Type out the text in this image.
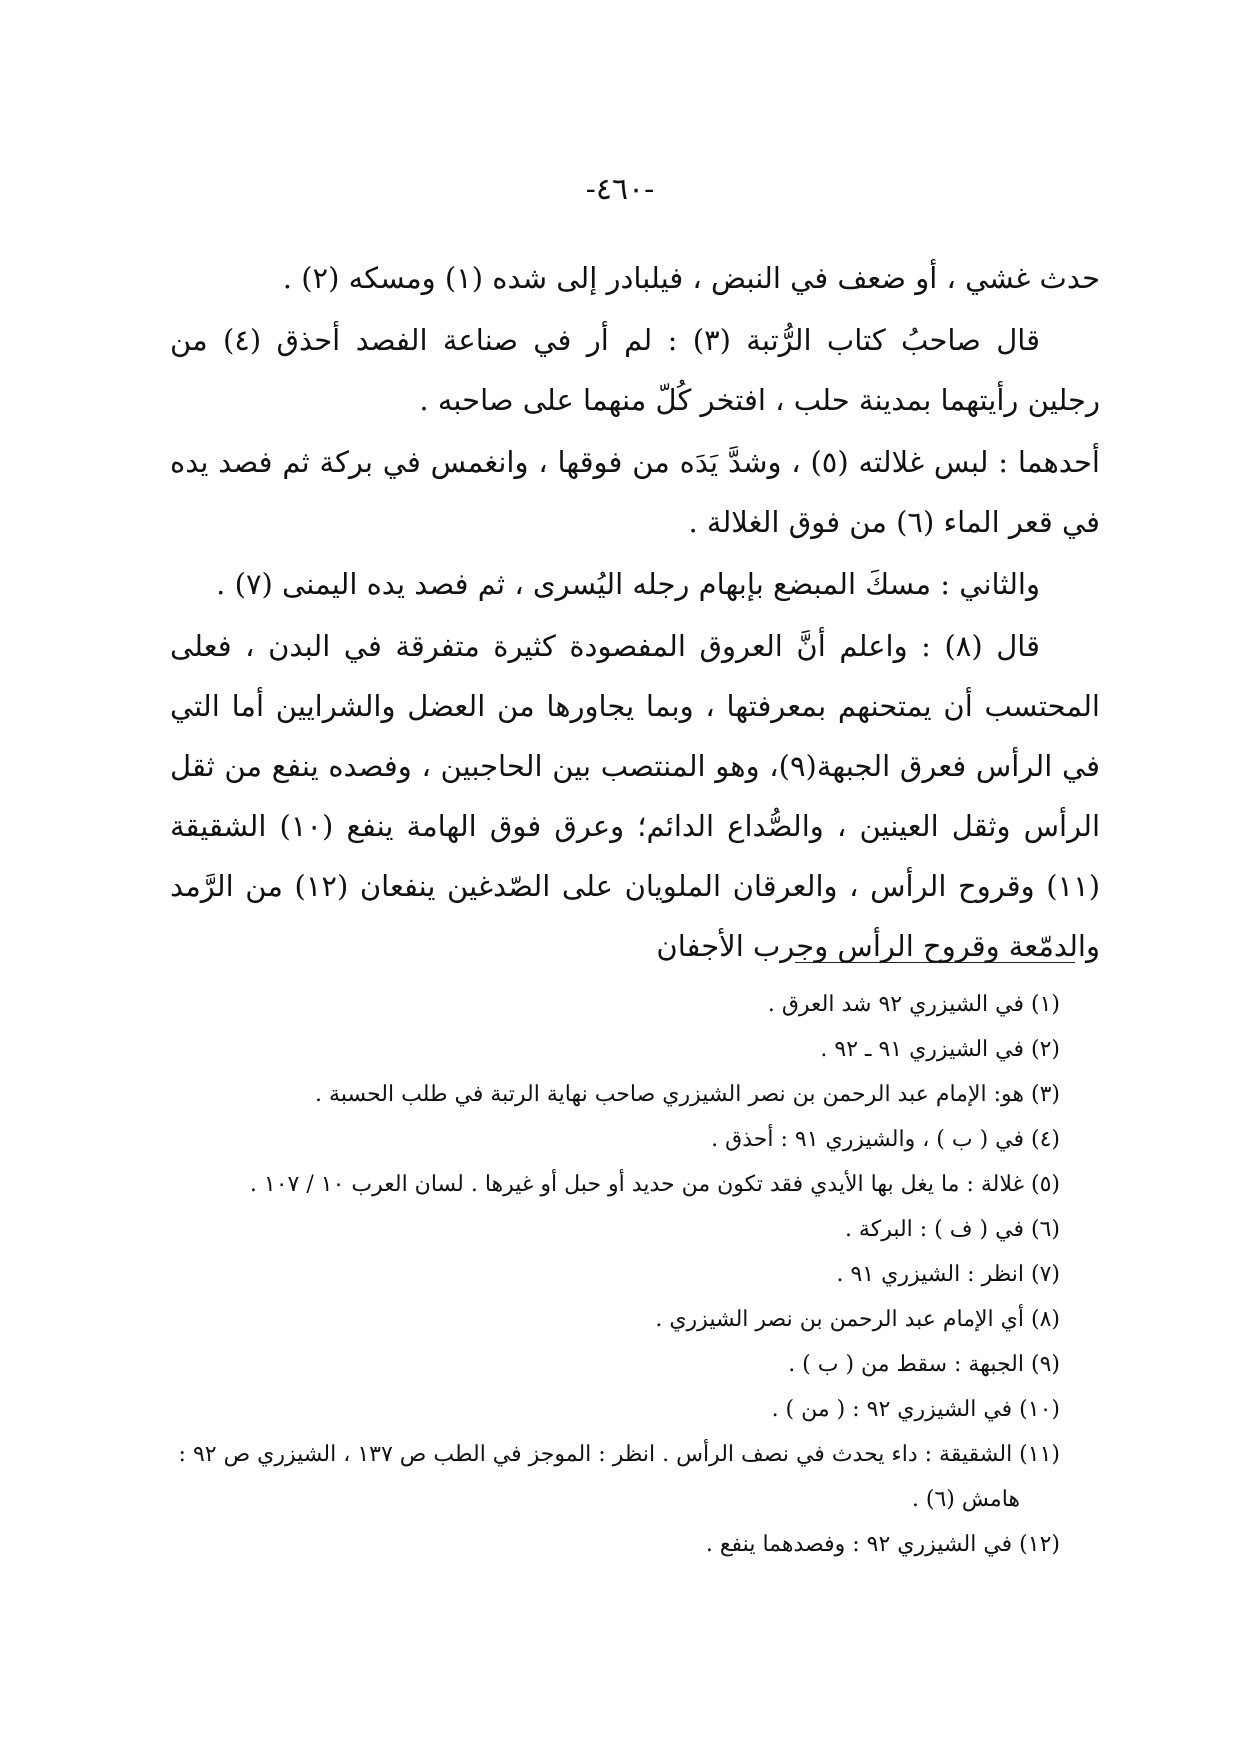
-٤٦٠-

حدث غشي ، أو ضعف في النبض ، فيلبادر إلى شده (١) ومسكه (٢) .

قال صاحبُ كتاب الرُّتبة (٣) : لم أر في صناعة الفصد أحذق (٤) من رجلين رأيتهما بمدينة حلب ، افتخر كُلّ منهما على صاحبه .

أحدهما : لبس غلالته (٥) ، وشدَّ يَدَه من فوقها ، وانغمس في بركة ثم فصد يده في قعر الماء (٦) من فوق الغلالة .

والثاني : مسكَ المبضع بإبهام رجله اليُسرى ، ثم فصد يده اليمنى (٧) .

قال (٨) : واعلم أنَّ العروق المفصودة كثيرة متفرقة في البدن ، فعلى المحتسب أن يمتحنهم بمعرفتها ، وبما يجاورها من العضل والشرايين أما التي في الرأس فعرق الجبهة(٩)، وهو المنتصب بين الحاجبين ، وفصده ينفع من ثقل الرأس وثقل العينين ، والصُّداع الدائم؛ وعرق فوق الهامة ينفع (١٠) الشقيقة (١١) وقروح الرأس ، والعرقان الملويان على الصّدغين ينفعان (١٢) من الرَّمد والدمّعة وقروح الرأس وجرب الأجفان

(١) في الشيزري ٩٢ شد العرق .

(٢) في الشيزري ٩١ ـ ٩٢ .

(٣) هو: الإمام عبد الرحمن بن نصر الشيزري صاحب نهاية الرتبة في طلب الحسبة .

(٤) في ( ب ) ، والشيزري ٩١ : أحذق .

(٥) غلالة : ما يغل بها الأيدي فقد تكون من حديد أو حبل أو غيرها . لسان العرب ١٠ / ١٠٧ .

(٦) في ( ف ) : البركة .

(٧) انظر : الشيزري ٩١ .

(٨) أي الإمام عبد الرحمن بن نصر الشيزري .

(٩) الجبهة : سقط من ( ب ) .

(١٠) في الشيزري ٩٢ : ( من ) .

(١١) الشقيقة : داء يحدث في نصف الرأس . انظر : الموجز في الطب ص ١٣٧ ، الشيزري ص ٩٢ :
هامش (٦) .

(١٢) في الشيزري ٩٢ : وفصدهما ينفع .
